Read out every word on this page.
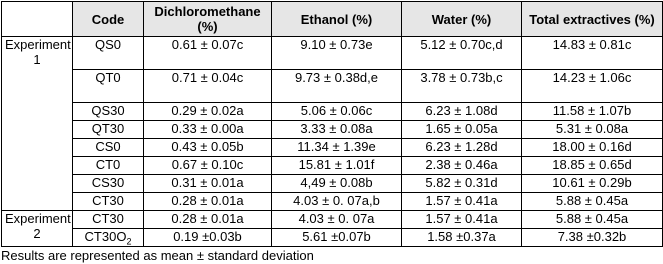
	Code	Dichloromethane (%)	Ethanol (%)	Water (%)	Total extractives (%)
Experiment 1	QS0	0.61 ± 0.07c	9.10 ± 0.73e	5.12 ± 0.70c,d	14.83 ± 0.81c
	QT0	0.71 ± 0.04c	9.73 ± 0.38d,e	3.78 ± 0.73b,c	14.23 ± 1.06c
	QS30	0.29 ± 0.02a	5.06 ± 0.06c	6.23 ± 1.08d	11.58 ± 1.07b
	QT30	0.33 ± 0.00a	3.33 ± 0.08a	1.65 ± 0.05a	5.31 ± 0.08a
	CS0	0.43 ± 0.05b	11.34 ± 1.39e	6.23 ± 1.28d	18.00 ± 0.16d
	CT0	0.67 ± 0.10c	15.81 ± 1.01f	2.38 ± 0.46a	18.85 ± 0.65d
	CS30	0.31 ± 0.01a	4,49 ± 0.08b	5.82 ± 0.31d	10.61 ± 0.29b
	CT30	0.28 ± 0.01a	4.03 ± 0. 07a,b	1.57 ± 0.41a	5.88 ± 0.45a
Experiment 2	CT30	0.28 ± 0.01a	4.03 ± 0. 07a	1.57 ± 0.41a	5.88 ± 0.45a
	$CT30O_2$	0.19 ±0.03b	5.61 ±0.07b	1.58 ±0.37a	7.38 ±0.32b
Results are represented as mean ± standard deviation
